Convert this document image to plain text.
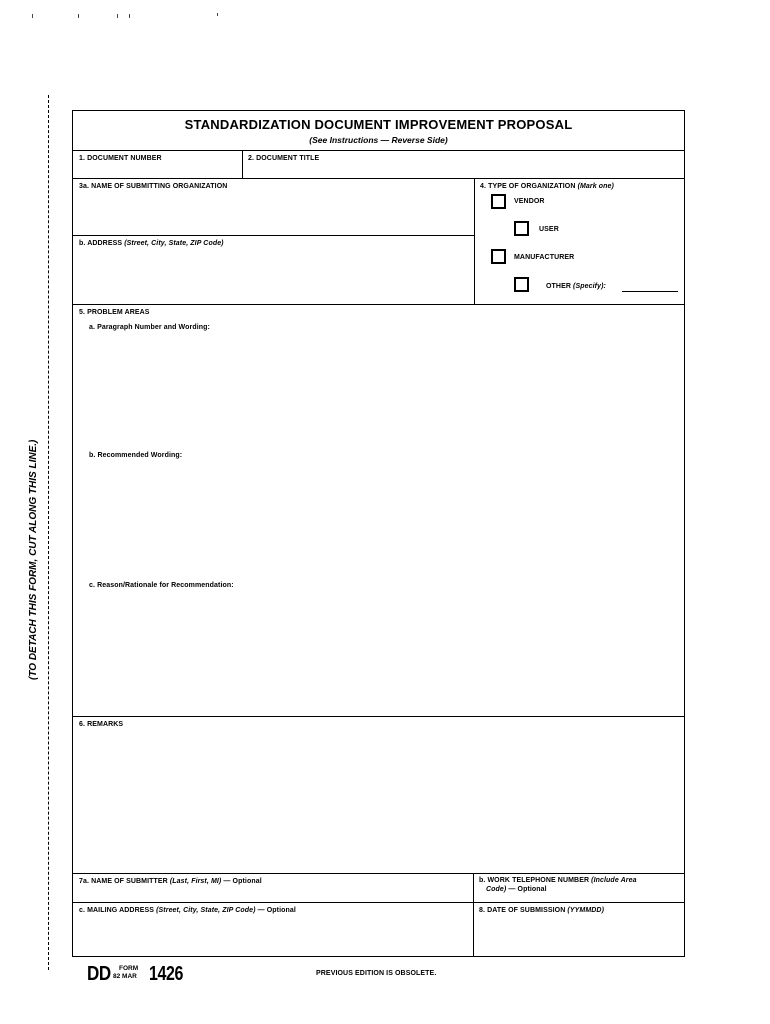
(TO DETACH THIS FORM, CUT ALONG THIS LINE.)
STANDARDIZATION DOCUMENT IMPROVEMENT PROPOSAL
(See Instructions — Reverse Side)
1. DOCUMENT NUMBER	2. DOCUMENT TITLE
3a. NAME OF SUBMITTING ORGANIZATION
b. ADDRESS (Street, City, State, ZIP Code)
4. TYPE OF ORGANIZATION (Mark one)
VENDOR
USER
MANUFACTURER
OTHER (Specify):
5. PROBLEM AREAS
a. Paragraph Number and Wording:
b. Recommended Wording:
c. Reason/Rationale for Recommendation:
6. REMARKS
7a. NAME OF SUBMITTER (Last, First, MI) — Optional	b. WORK TELEPHONE NUMBER (Include Area
Code) — Optional
c. MAILING ADDRESS (Street, City, State, ZIP Code) — Optional	8. DATE OF SUBMISSION (YYMMDD)
DD FORM
82 MAR 1426	PREVIOUS EDITION IS OBSOLETE.
